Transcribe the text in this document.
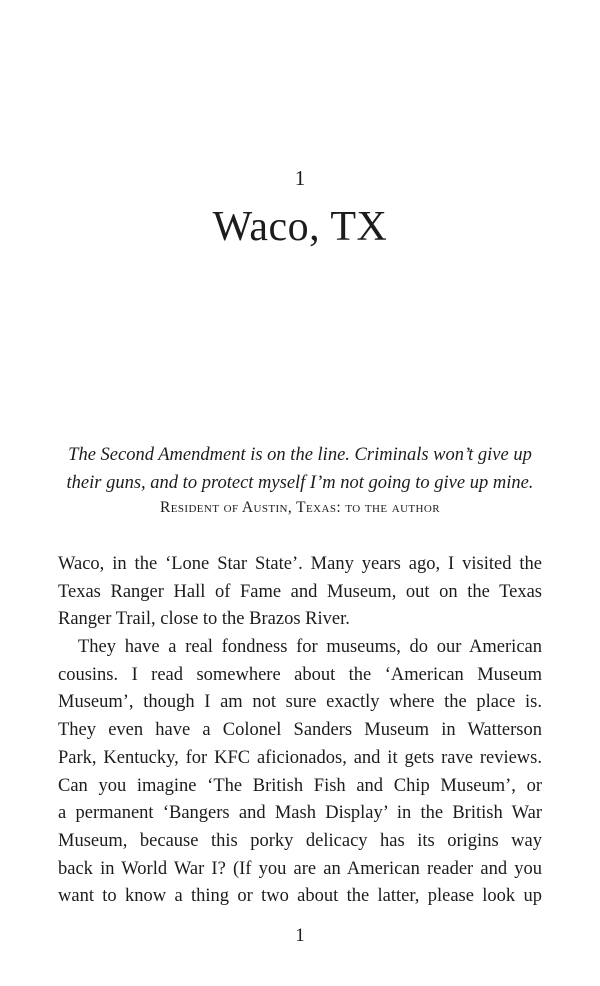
1
Waco, TX
The Second Amendment is on the line. Criminals won’t give up
their guns, and to protect myself I’m not going to give up mine.
Resident of Austin, Texas: to the author
Waco, in the ‘Lone Star State’. Many years ago, I visited the
Texas Ranger Hall of Fame and Museum, out on the Texas
Ranger Trail, close to the Brazos River.
They have a real fondness for museums, do our American
cousins. I read somewhere about the ‘American Museum
Museum’, though I am not sure exactly where the place is.
They even have a Colonel Sanders Museum in Watterson
Park, Kentucky, for KFC aficionados, and it gets rave reviews.
Can you imagine ‘The British Fish and Chip Museum’, or
a permanent ‘Bangers and Mash Display’ in the British War
Museum, because this porky delicacy has its origins way
back in World War I? (If you are an American reader and you
want to know a thing or two about the latter, please look up
1
